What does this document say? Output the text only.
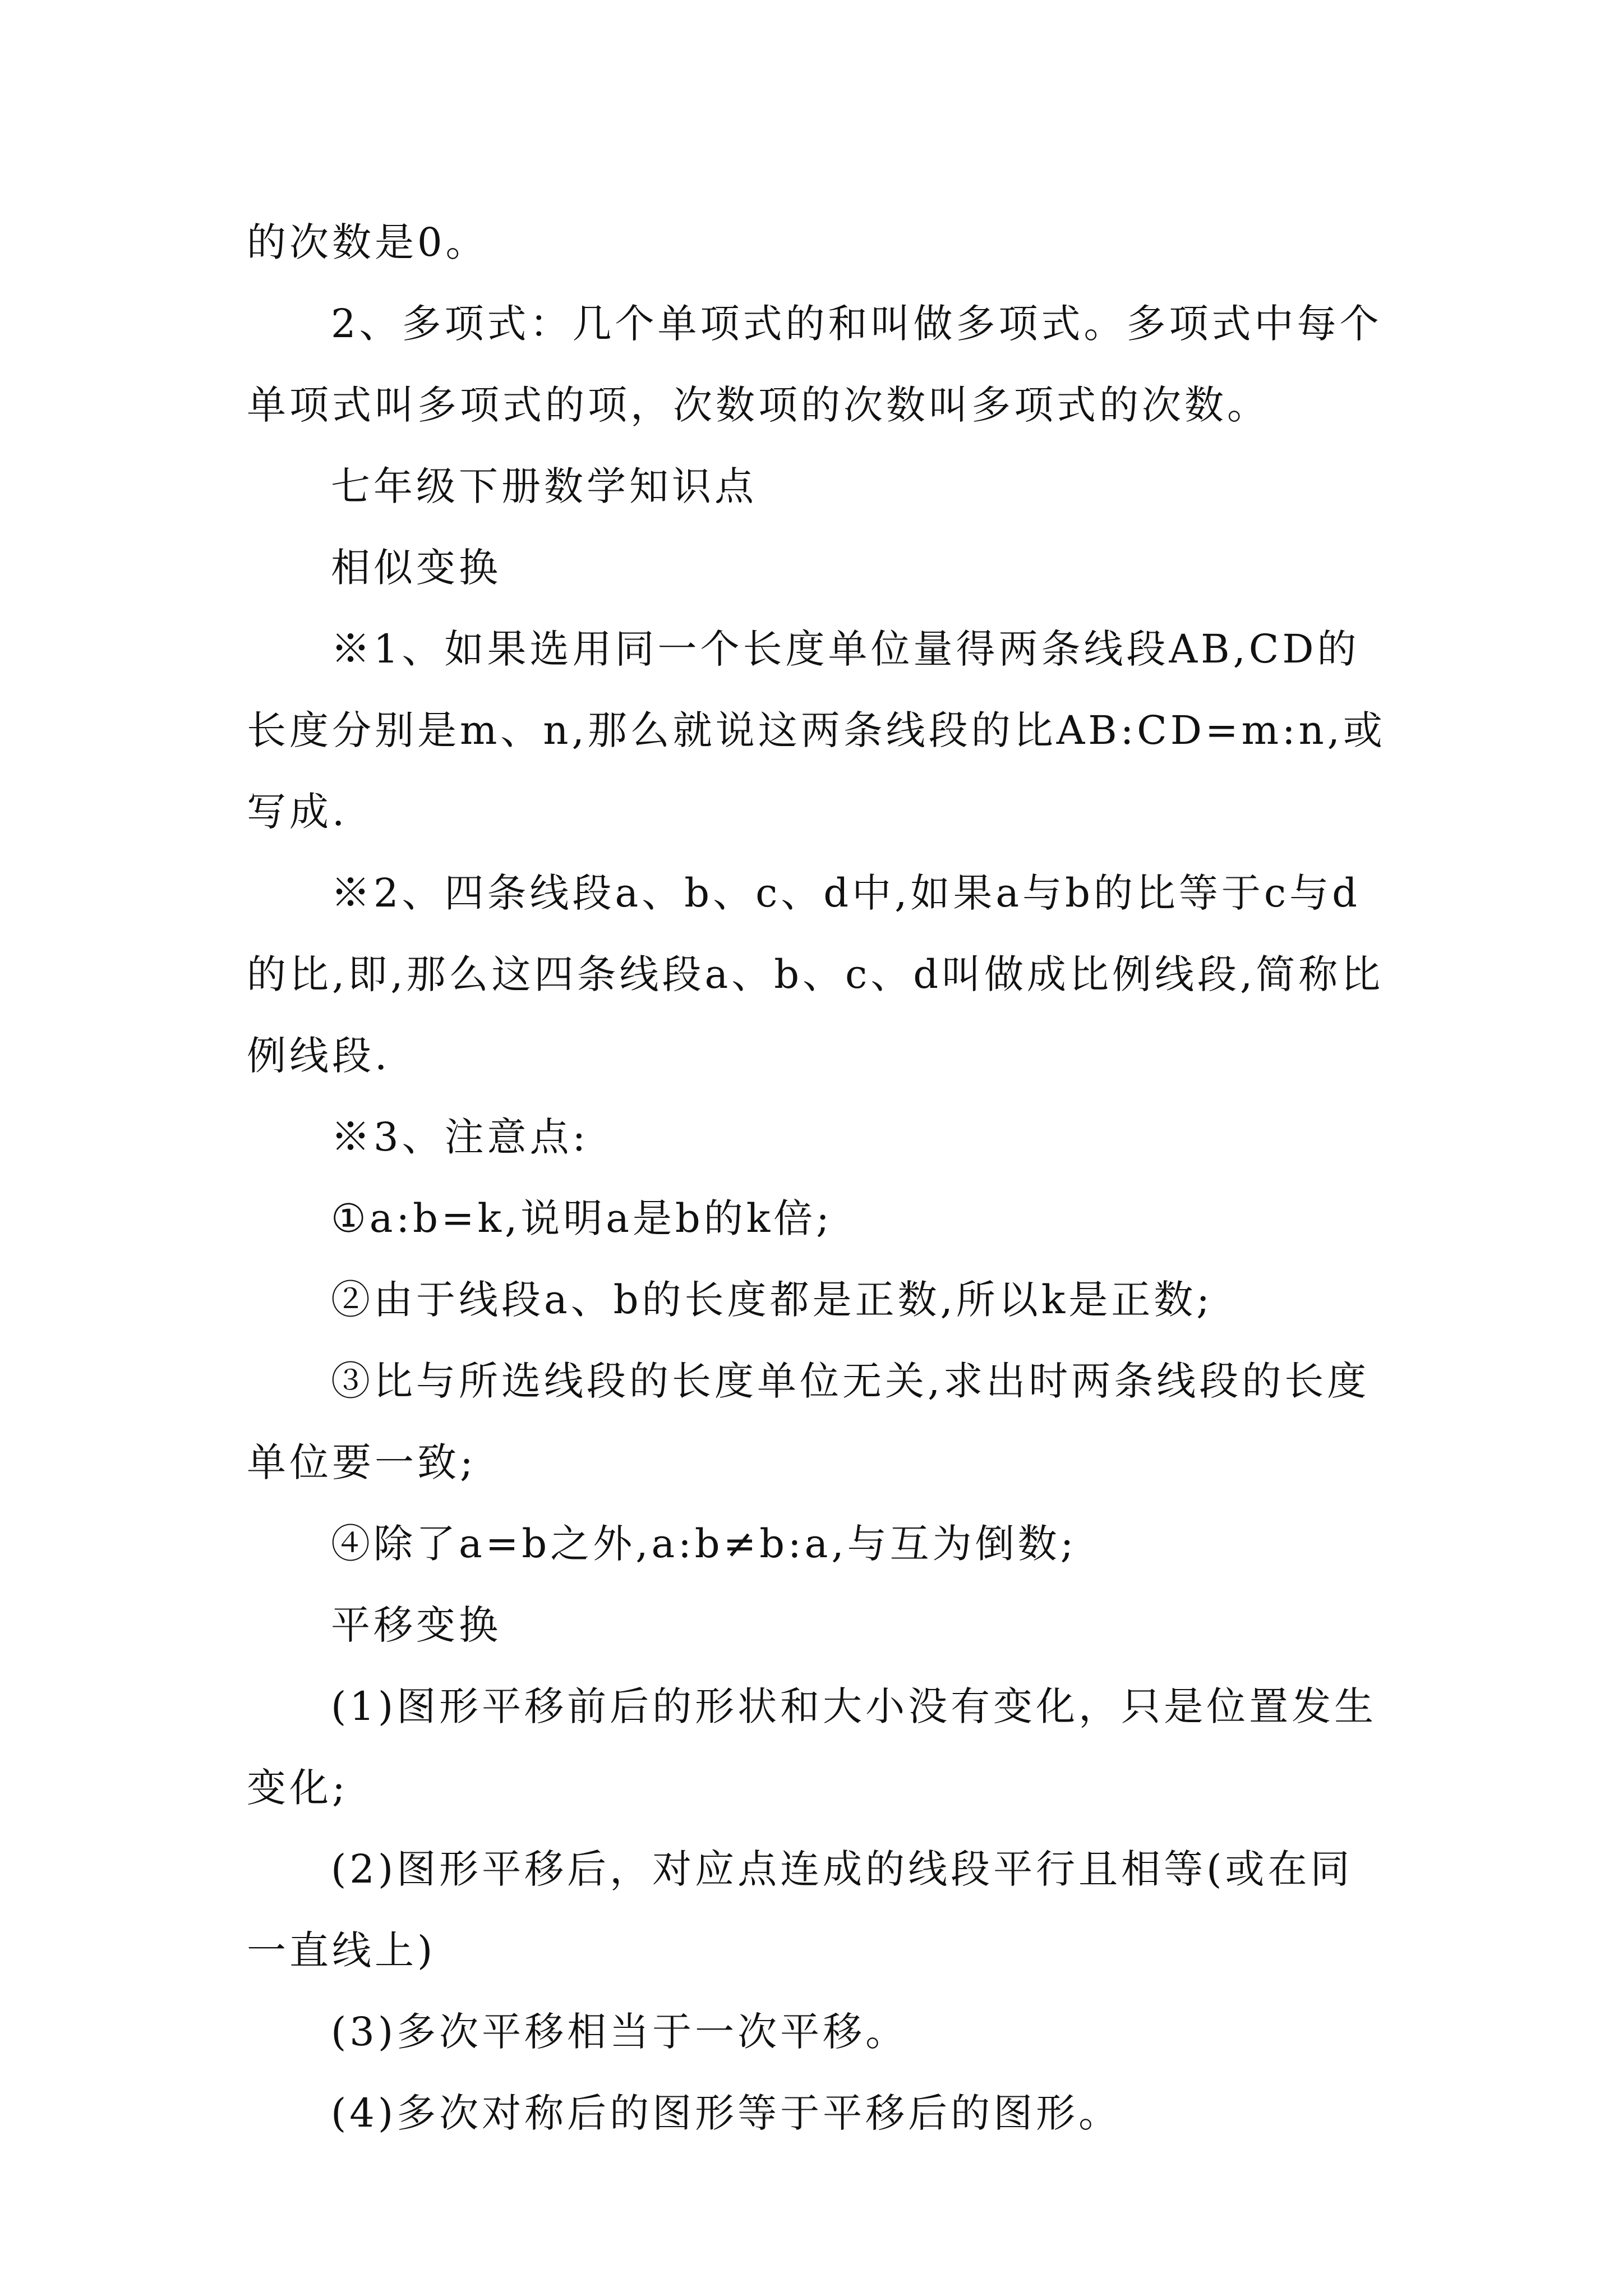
的次数是0。

2、多项式：几个单项式的和叫做多项式。多项式中每个单项式叫多项式的项，次数项的次数叫多项式的次数。

七年级下册数学知识点

相似变换

※1、如果选用同一个长度单位量得两条线段AB,CD的长度分别是m、n,那么就说这两条线段的比AB:CD=m:n,或写成.

※2、四条线段a、b、c、d中,如果a与b的比等于c与d的比,即,那么这四条线段a、b、c、d叫做成比例线段,简称比例线段.

※3、注意点:

①a:b=k,说明a是b的k倍;

②由于线段a、b的长度都是正数,所以k是正数;

③比与所选线段的长度单位无关,求出时两条线段的长度单位要一致;

④除了a=b之外,a:b≠b:a,与互为倒数;

平移变换

(1)图形平移前后的形状和大小没有变化，只是位置发生变化;

(2)图形平移后，对应点连成的线段平行且相等(或在同一直线上)

(3)多次平移相当于一次平移。

(4)多次对称后的图形等于平移后的图形。
